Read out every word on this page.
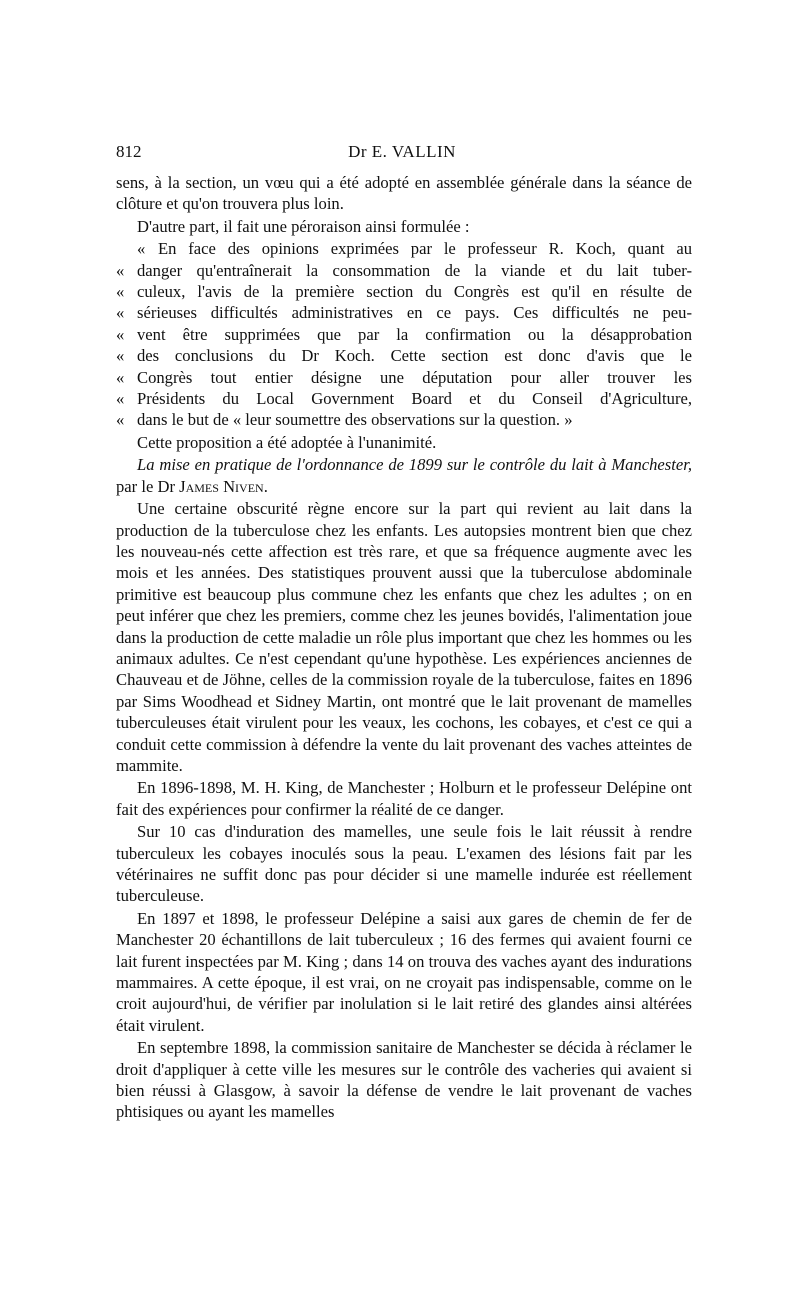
812	Dr E. VALLIN

sens, à la section, un vœu qui a été adopté en assemblée générale dans la séance de clôture et qu'on trouvera plus loin.

D'autre part, il fait une péroraison ainsi formulée :

« En face des opinions exprimées par le professeur R. Koch, quant au
« danger qu'entraînerait la consommation de la viande et du lait tuber-
« culeux, l'avis de la première section du Congrès est qu'il en résulte de
« sérieuses difficultés administratives en ce pays. Ces difficultés ne peu-
« vent être supprimées que par la confirmation ou la désapprobation
« des conclusions du Dr Koch. Cette section est donc d'avis que le
« Congrès tout entier désigne une députation pour aller trouver les
« Présidents du Local Government Board et du Conseil d'Agriculture,
« dans le but de « leur soumettre des observations sur la question. »

Cette proposition a été adoptée à l'unanimité.

La mise en pratique de l'ordonnance de 1899 sur le contrôle du lait à Manchester, par le Dr James Niven.

Une certaine obscurité règne encore sur la part qui revient au lait dans la production de la tuberculose chez les enfants. Les autopsies montrent bien que chez les nouveau-nés cette affection est très rare, et que sa fréquence augmente avec les mois et les années. Des statistiques prouvent aussi que la tuberculose abdominale primitive est beaucoup plus commune chez les enfants que chez les adultes ; on en peut inférer que chez les premiers, comme chez les jeunes bovidés, l'alimentation joue dans la production de cette maladie un rôle plus important que chez les hommes ou les animaux adultes. Ce n'est cependant qu'une hypothèse. Les expériences anciennes de Chauveau et de Jöhne, celles de la commission royale de la tuberculose, faites en 1896 par Sims Woodhead et Sidney Martin, ont montré que le lait provenant de mamelles tuberculeuses était virulent pour les veaux, les cochons, les cobayes, et c'est ce qui a conduit cette commission à défendre la vente du lait provenant des vaches atteintes de mammite.

En 1896-1898, M. H. King, de Manchester ; Holburn et le professeur Delépine ont fait des expériences pour confirmer la réalité de ce danger.

Sur 10 cas d'induration des mamelles, une seule fois le lait réussit à rendre tuberculeux les cobayes inoculés sous la peau. L'examen des lésions fait par les vétérinaires ne suffit donc pas pour décider si une mamelle indurée est réellement tuberculeuse.

En 1897 et 1898, le professeur Delépine a saisi aux gares de chemin de fer de Manchester 20 échantillons de lait tuberculeux ; 16 des fermes qui avaient fourni ce lait furent inspectées par M. King ; dans 14 on trouva des vaches ayant des indurations mammaires. A cette époque, il est vrai, on ne croyait pas indispensable, comme on le croit aujourd'hui, de vérifier par inolulation si le lait retiré des glandes ainsi altérées était virulent.

En septembre 1898, la commission sanitaire de Manchester se décida à réclamer le droit d'appliquer à cette ville les mesures sur le contrôle des vacheries qui avaient si bien réussi à Glasgow, à savoir la défense de vendre le lait provenant de vaches phtisiques ou ayant les mamelles
